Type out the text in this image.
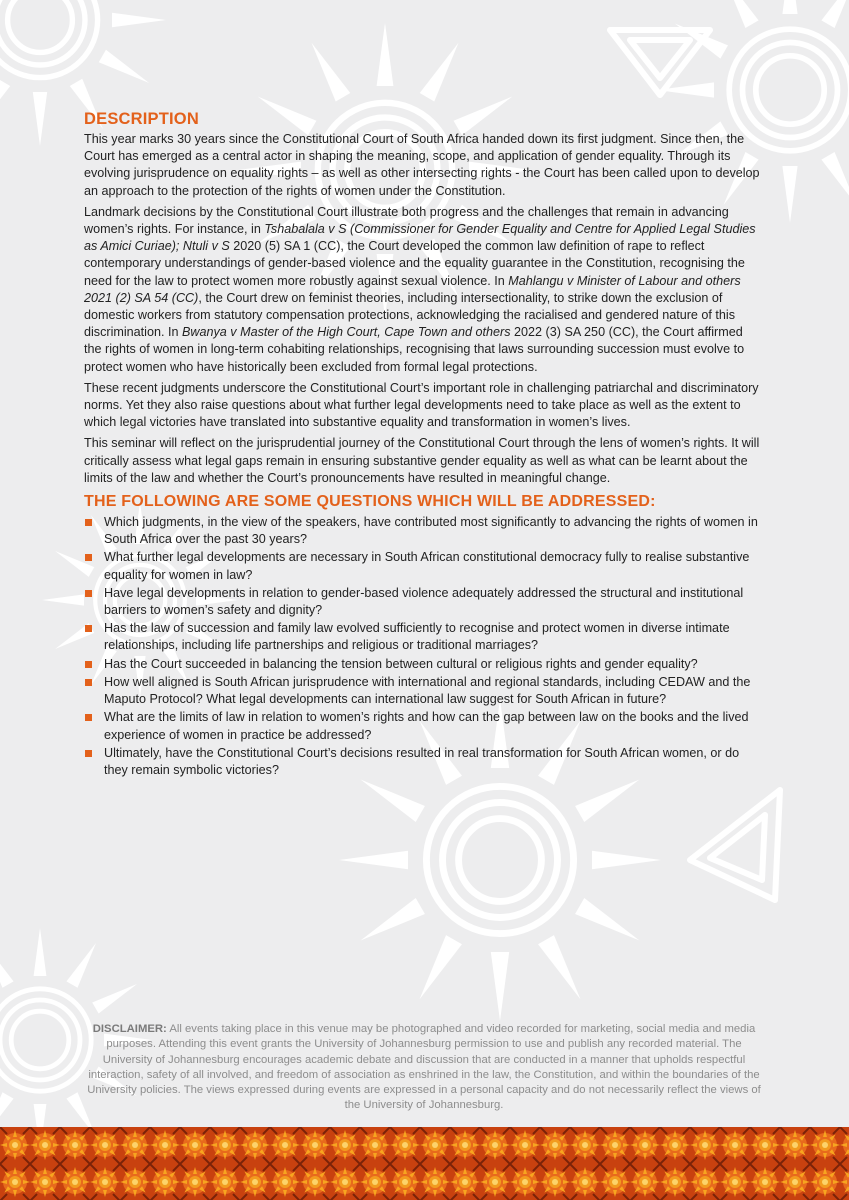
DESCRIPTION

This year marks 30 years since the Constitutional Court of South Africa handed down its first judgment. Since then, the Court has emerged as a central actor in shaping the meaning, scope, and application of gender equality. Through its evolving jurisprudence on equality rights – as well as other intersecting rights - the Court has been called upon to develop an approach to the protection of the rights of women under the Constitution.

Landmark decisions by the Constitutional Court illustrate both progress and the challenges that remain in advancing women’s rights. For instance, in Tshabalala v S (Commissioner for Gender Equality and Centre for Applied Legal Studies as Amici Curiae); Ntuli v S 2020 (5) SA 1 (CC), the Court developed the common law definition of rape to reflect contemporary understandings of gender-based violence and the equality guarantee in the Constitution, recognising the need for the law to protect women more robustly against sexual violence. In Mahlangu v Minister of Labour and others 2021 (2) SA 54 (CC), the Court drew on feminist theories, including intersectionality, to strike down the exclusion of domestic workers from statutory compensation protections, acknowledging the racialised and gendered nature of this discrimination. In Bwanya v Master of the High Court, Cape Town and others 2022 (3) SA 250 (CC), the Court affirmed the rights of women in long-term cohabiting relationships, recognising that laws surrounding succession must evolve to protect women who have historically been excluded from formal legal protections.

These recent judgments underscore the Constitutional Court’s important role in challenging patriarchal and discriminatory norms. Yet they also raise questions about what further legal developments need to take place as well as the extent to which legal victories have translated into substantive equality and transformation in women’s lives.

This seminar will reflect on the jurisprudential journey of the Constitutional Court through the lens of women’s rights. It will critically assess what legal gaps remain in ensuring substantive gender equality as well as what can be learnt about the limits of the law and whether the Court’s pronouncements have resulted in meaningful change.

THE FOLLOWING ARE SOME QUESTIONS WHICH WILL BE ADDRESSED:
Which judgments, in the view of the speakers, have contributed most significantly to advancing the rights of women in South Africa over the past 30 years?
What further legal developments are necessary in South African constitutional democracy fully to realise substantive equality for women in law?
Have legal developments in relation to gender-based violence adequately addressed the structural and institutional barriers to women’s safety and dignity?
Has the law of succession and family law evolved sufficiently to recognise and protect women in diverse intimate relationships, including life partnerships and religious or traditional marriages?
Has the Court succeeded in balancing the tension between cultural or religious rights and gender equality?
How well aligned is South African jurisprudence with international and regional standards, including CEDAW and the Maputo Protocol? What legal developments can international law suggest for South African in future?
What are the limits of law in relation to women’s rights and how can the gap between law on the books and the lived experience of women in practice be addressed?
Ultimately, have the Constitutional Court’s decisions resulted in real transformation for South African women, or do they remain symbolic victories?
DISCLAIMER: All events taking place in this venue may be photographed and video recorded for marketing, social media and media purposes. Attending this event grants the University of Johannesburg permission to use and publish any recorded material. The University of Johannesburg encourages academic debate and discussion that are conducted in a manner that upholds respectful interaction, safety of all involved, and freedom of association as enshrined in the law, the Constitution, and within the boundaries of the University policies. The views expressed during events are expressed in a personal capacity and do not necessarily reflect the views of the University of Johannesburg.
